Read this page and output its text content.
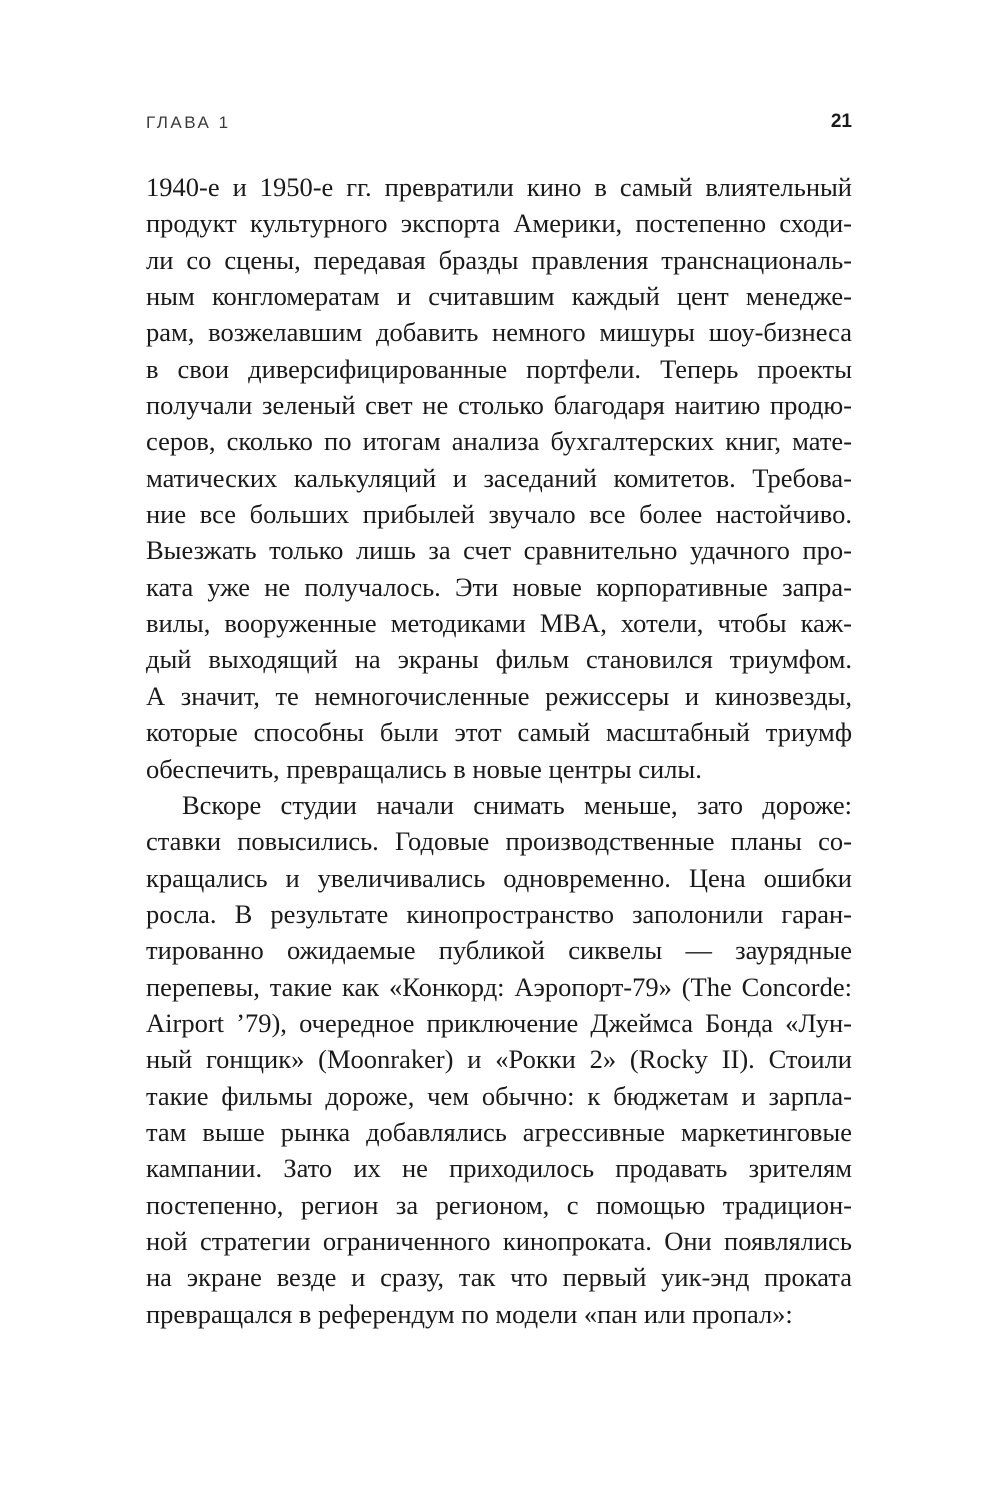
ГЛАВА 1	21

1940-е и 1950-е гг. превратили кино в самый влиятельный
продукт культурного экспорта Америки, постепенно сходи-
ли со сцены, передавая бразды правления транснациональ-
ным конгломератам и считавшим каждый цент менедже-
рам, возжелавшим добавить немного мишуры шоу-бизнеса
в свои диверсифицированные портфели. Теперь проекты
получали зеленый свет не столько благодаря наитию продю-
серов, сколько по итогам анализа бухгалтерских книг, мате-
матических калькуляций и заседаний комитетов. Требова-
ние все больших прибылей звучало все более настойчиво.
Выезжать только лишь за счет сравнительно удачного про-
ката уже не получалось. Эти новые корпоративные запра-
вилы, вооруженные методиками MBA, хотели, чтобы каж-
дый выходящий на экраны фильм становился триумфом.
А значит, те немногочисленные режиссеры и кинозвезды,
которые способны были этот самый масштабный триумф
обеспечить, превращались в новые центры силы.

Вскоре студии начали снимать меньше, зато дороже:
ставки повысились. Годовые производственные планы со-
кращались и увеличивались одновременно. Цена ошибки
росла. В результате кинопространство заполонили гаран-
тированно ожидаемые публикой сиквелы — заурядные
перепевы, такие как «Конкорд: Аэропорт-79» (The Concorde:
Airport ’79), очередное приключение Джеймса Бонда «Лун-
ный гонщик» (Moonraker) и «Рокки 2» (Rocky II). Стоили
такие фильмы дороже, чем обычно: к бюджетам и зарпла-
там выше рынка добавлялись агрессивные маркетинговые
кампании. Зато их не приходилось продавать зрителям
постепенно, регион за регионом, с помощью традицион-
ной стратегии ограниченного кинопроката. Они появлялись
на экране везде и сразу, так что первый уик-энд проката
превращался в референдум по модели «пан или пропал»:
